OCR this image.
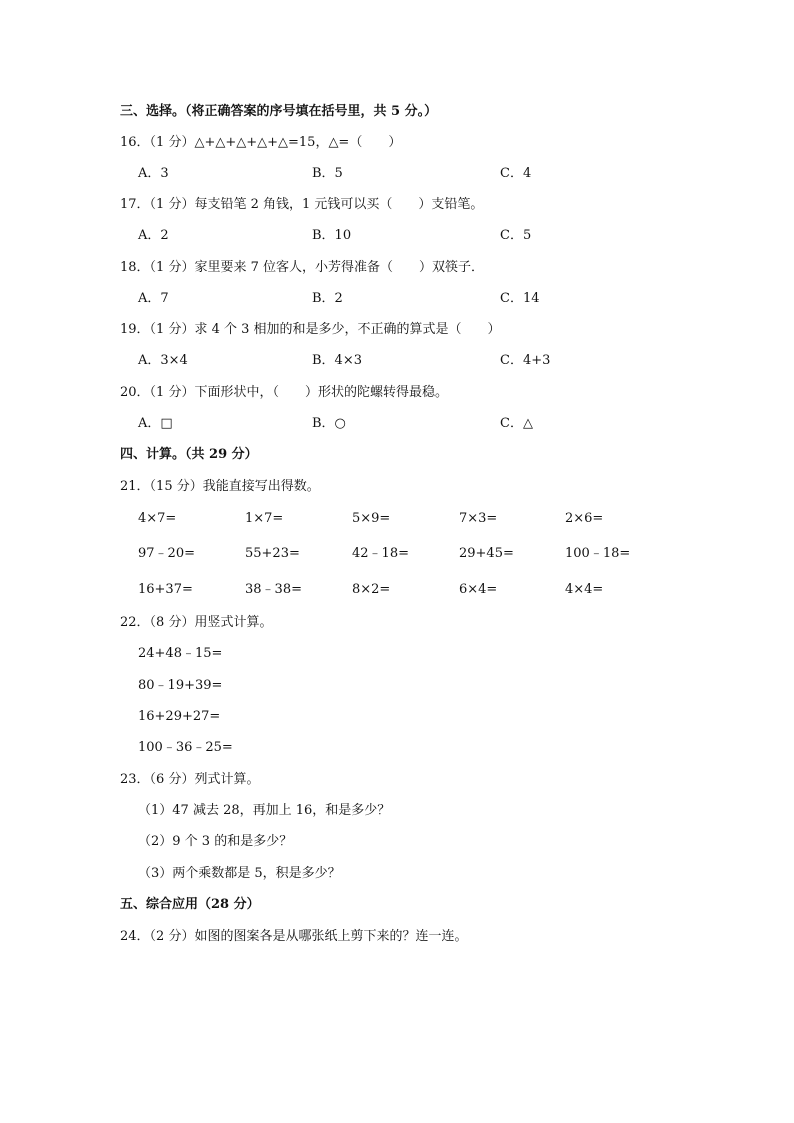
三、选择。（将正确答案的序号填在括号里，共 5 分。）
16．（1 分）△+△+△+△+△=15，△=（　　）
A．3	B．5	C．4
17．（1 分）每支铅笔 2 角钱，1 元钱可以买（　　）支铅笔。
A．2	B．10	C．5
18．（1 分）家里要来 7 位客人，小芳得准备（　　）双筷子．
A．7	B．2	C．14
19．（1 分）求 4 个 3 相加的和是多少，不正确的算式是（　　）
A．3×4	B．4×3	C．4+3
20．（1 分）下面形状中，（　　）形状的陀螺转得最稳。
A．□	B．○	C．△
四、计算。（共 29 分）
21．（15 分）我能直接写出得数。
4×7=	1×7=	5×9=	7×3=	2×6=
97﹣20=	55+23=	42﹣18=	29+45=	100﹣18=
16+37=	38﹣38=	8×2=	6×4=	4×4=
22．（8 分）用竖式计算。
24+48﹣15=
80﹣19+39=
16+29+27=
100﹣36﹣25=
23．（6 分）列式计算。
（1）47 减去 28，再加上 16，和是多少？
（2）9 个 3 的和是多少？
（3）两个乘数都是 5，积是多少？
五、综合应用（28 分）
24．（2 分）如图的图案各是从哪张纸上剪下来的？连一连。
